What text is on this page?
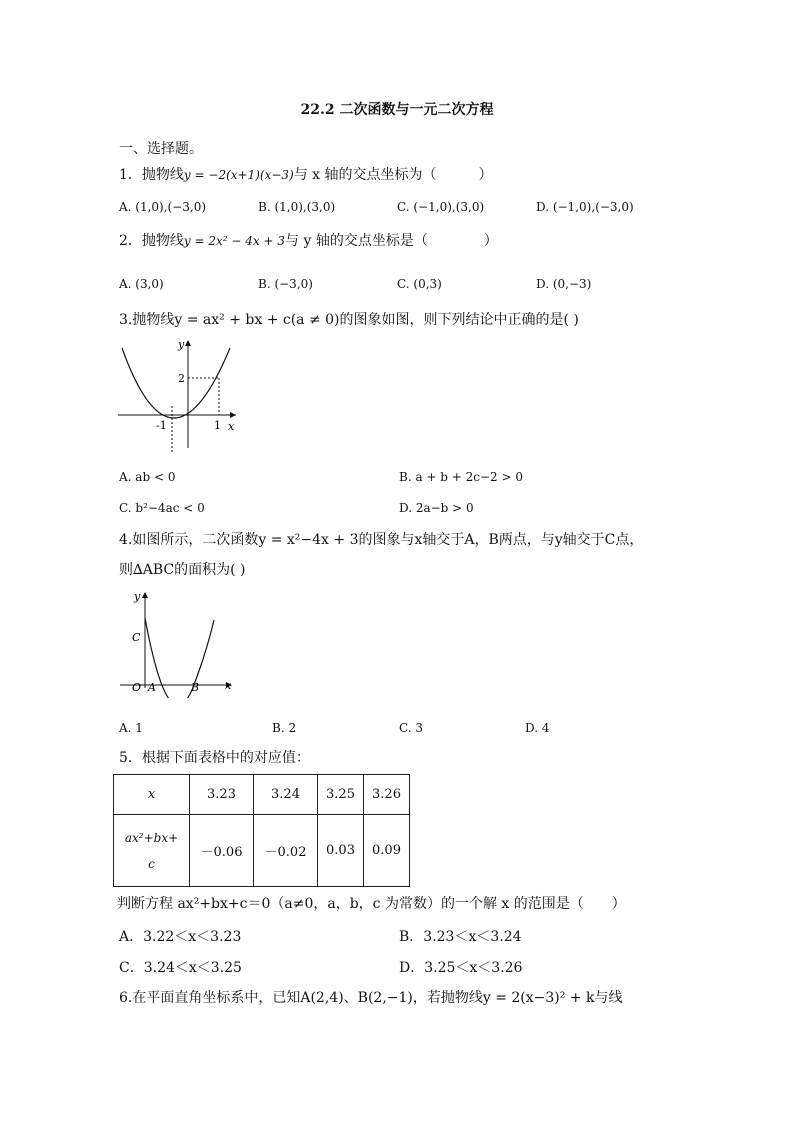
22.2 二次函数与一元二次方程
一、选择题。
1．抛物线y = −2(x+1)(x−3)与 x 轴的交点坐标为（　　　）
A. (1,0),(−3,0)	B. (1,0),(3,0)	C. (−1,0),(3,0)	D. (−1,0),(−3,0)
2．抛物线y = 2x² − 4x + 3与 y 轴的交点坐标是（　　　　）
A. (3,0)	B. (−3,0)	C. (0,3)	D. (0,−3)
3.抛物线y = ax² + bx + c(a ≠ 0)的图象如图，则下列结论中正确的是( )
y
x
2
-1	1
A. ab < 0	B. a + b + 2c−2 > 0
C. b²−4ac < 0	D. 2a−b > 0
4.如图所示，二次函数y = x²−4x + 3的图象与x轴交于A，B两点，与y轴交于C点，
则∆ABC的面积为( )
y
x
C
O A	B
A. 1	B. 2	C. 3	D. 4
5．根据下面表格中的对应值：
x	3.23	3.24	3.25	3.26

ax²+bx+
c	－0.06	－0.02	0.03	0.09
判断方程 ax²+bx+c＝0（a≠0，a，b，c 为常数）的一个解 x 的范围是（　　）
A．3.22＜x＜3.23	B．3.23＜x＜3.24
C．3.24＜x＜3.25	D．3.25＜x＜3.26
6.在平面直角坐标系中，已知A(2,4)、B(2,−1)，若抛物线y = 2(x−3)² + k与线
